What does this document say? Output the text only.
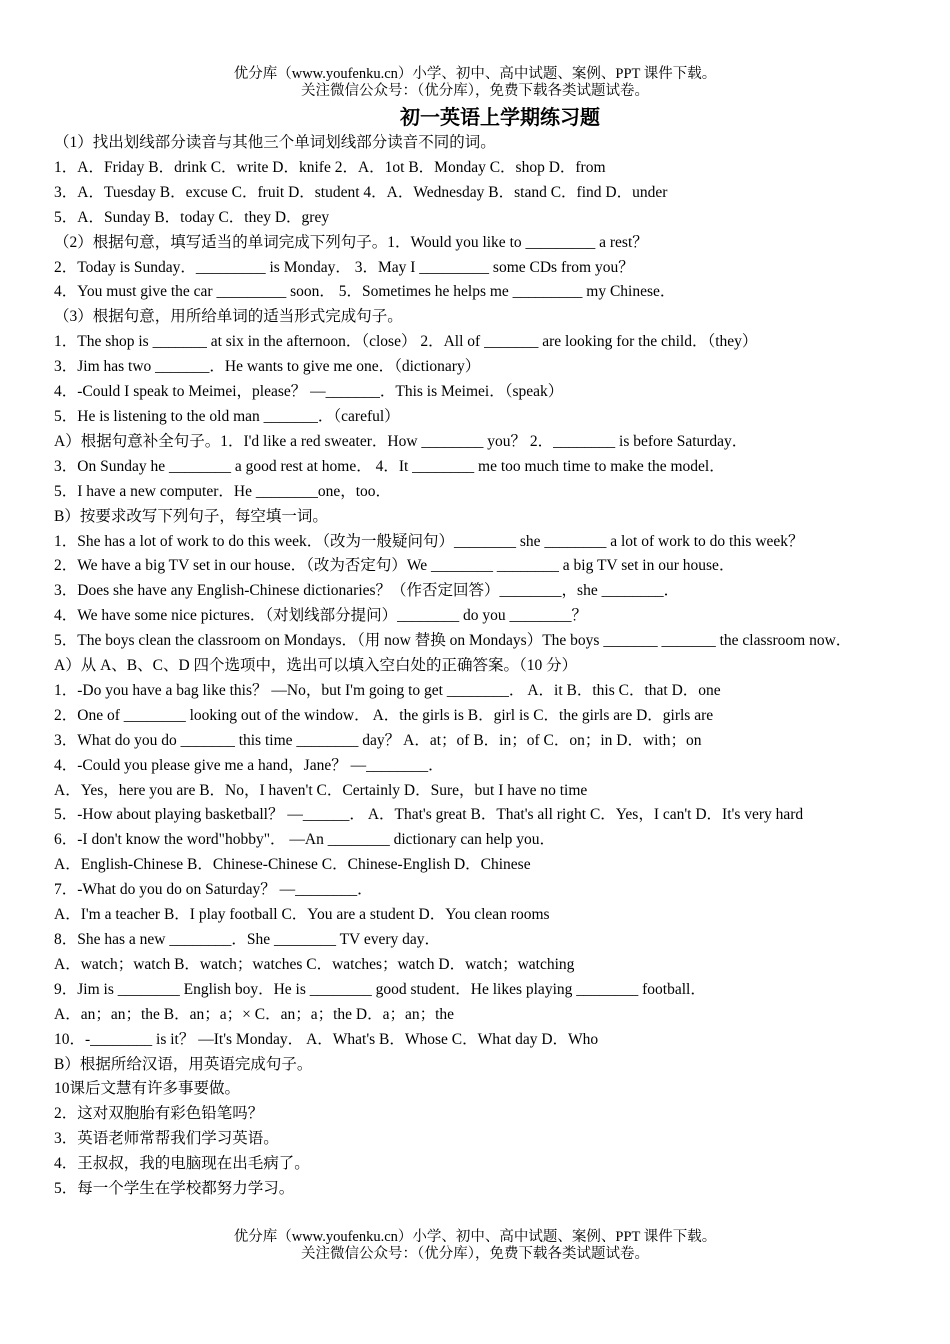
优分库（www.youfenku.cn）小学、初中、高中试题、案例、PPT 课件下载。
关注微信公众号：（优分库），免费下载各类试题试卷。
初一英语上学期练习题
（1）找出划线部分读音与其他三个单词划线部分读音不同的词。
1．A．Friday B．drink C．write D．knife 2．A．1ot B．Monday C．shop D．from
3．A．Tuesday B．excuse C．fruit D．student 4．A．Wednesday B．stand C．find D．under
5．A．Sunday B．today C．they D．grey
（2）根据句意，填写适当的单词完成下列句子。1．Would you like to _________ a rest？
2．Today is Sunday．_________ is Monday． 3．May I _________ some CDs from you？
4．You must give the car _________ soon． 5．Sometimes he helps me _________ my Chinese．
（3）根据句意，用所给单词的适当形式完成句子。
1．The shop is _______ at six in the afternoon．（close） 2．All of _______ are looking for the child．（they）
3．Jim has two _______．He wants to give me one．（dictionary）
4．-Could I speak to Meimei，please？ —_______．This is Meimei．（speak）
5．He is listening to the old man _______．（careful）
A）根据句意补全句子。1．I'd like a red sweater．How ________ you？ 2．________ is before Saturday．
3．On Sunday he ________ a good rest at home． 4．It ________ me too much time to make the model．
5．I have a new computer．He ________one，too．
B）按要求改写下列句子，每空填一词。
1．She has a lot of work to do this week．（改为一般疑问句）________ she ________ a lot of work to do this week？
2．We have a big TV set in our house．（改为否定句）We ________ ________ a big TV set in our house．
3．Does she have any English-Chinese dictionaries？（作否定回答）________，she ________．
4．We have some nice pictures．（对划线部分提问）________ do you ________？
5．The boys clean the classroom on Mondays．（用 now 替换 on Mondays）The boys _______ _______ the classroom now．
A）从 A、B、C、D 四个选项中，选出可以填入空白处的正确答案。（10 分）
1．-Do you have a bag like this？ —No，but I'm going to get ________． A．it B．this C．that D．one
2．One of ________ looking out of the window． A．the girls is B．girl is C．the girls are D．girls are
3．What do you do _______ this time ________ day？ A．at；of B．in；of C．on；in D．with；on
4．-Could you please give me a hand，Jane？ —________．
A．Yes，here you are B．No，I haven't C．Certainly D．Sure，but I have no time
5．-How about playing basketball？ —______． A．That's great B．That's all right C．Yes，I can't D．It's very hard
6．-I don't know the word"hobby"． —An ________ dictionary can help you．
A．English-Chinese B．Chinese-Chinese C．Chinese-English D．Chinese
7．-What do you do on Saturday？ —________．
A．I'm a teacher B．I play football C．You are a student D．You clean rooms
8．She has a new ________．She ________ TV every day．
A．watch；watch B．watch；watches C．watches；watch D．watch；watching
9．Jim is ________ English boy．He is ________ good student．He likes playing ________ football．
A．an；an；the B．an；a；× C．an；a；the D．a；an；the
10．-________ is it？ —It's Monday． A．What's B．Whose C．What day D．Who
B）根据所给汉语，用英语完成句子。
10课后文慧有许多事要做。
2．这对双胞胎有彩色铅笔吗？
3．英语老师常帮我们学习英语。
4．王叔叔，我的电脑现在出毛病了。
5．每一个学生在学校都努力学习。
优分库（www.youfenku.cn）小学、初中、高中试题、案例、PPT 课件下载。
关注微信公众号：（优分库），免费下载各类试题试卷。
